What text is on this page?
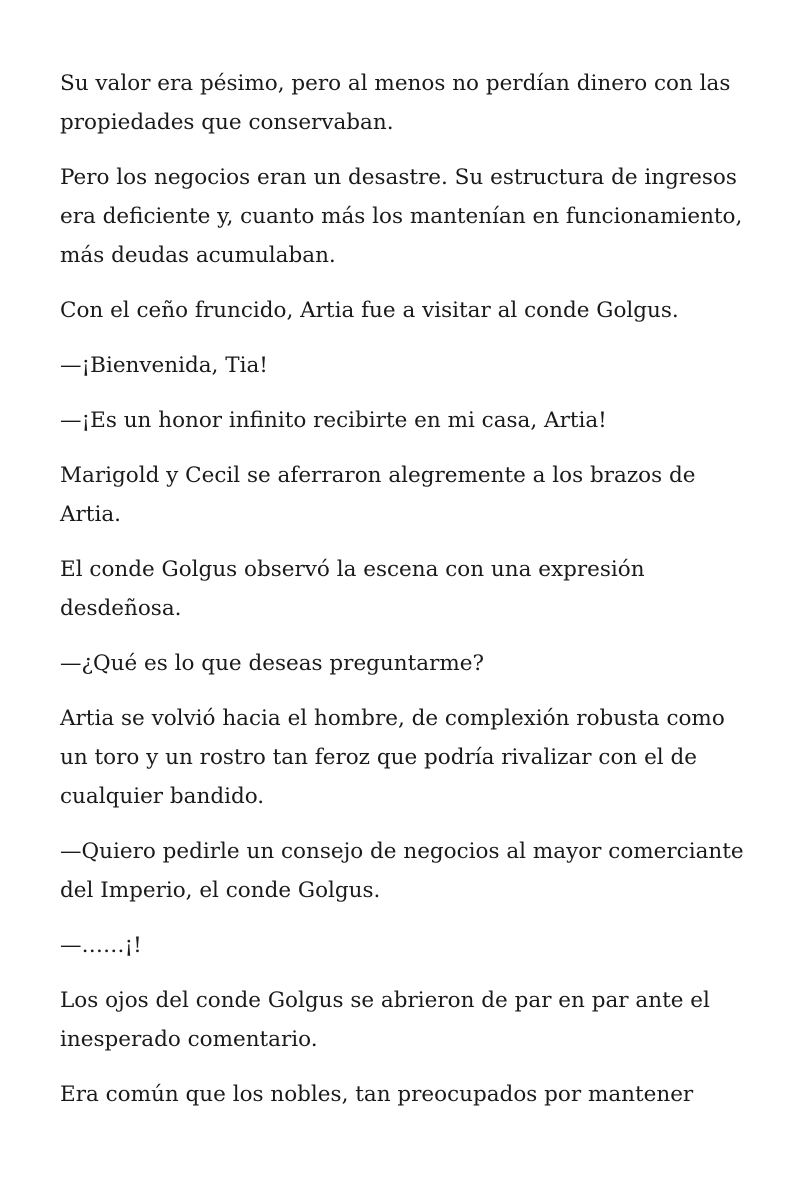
Su valor era pésimo, pero al menos no perdían dinero con las propiedades que conservaban.

Pero los negocios eran un desastre. Su estructura de ingresos era deficiente y, cuanto más los mantenían en funcionamiento, más deudas acumulaban.

Con el ceño fruncido, Artia fue a visitar al conde Golgus.

—¡Bienvenida, Tia!

—¡Es un honor infinito recibirte en mi casa, Artia!

Marigold y Cecil se aferraron alegremente a los brazos de Artia.

El conde Golgus observó la escena con una expresión desdeñosa.

—¿Qué es lo que deseas preguntarme?

Artia se volvió hacia el hombre, de complexión robusta como un toro y un rostro tan feroz que podría rivalizar con el de cualquier bandido.

—Quiero pedirle un consejo de negocios al mayor comerciante del Imperio, el conde Golgus.

—……¡!

Los ojos del conde Golgus se abrieron de par en par ante el inesperado comentario.

Era común que los nobles, tan preocupados por mantener
